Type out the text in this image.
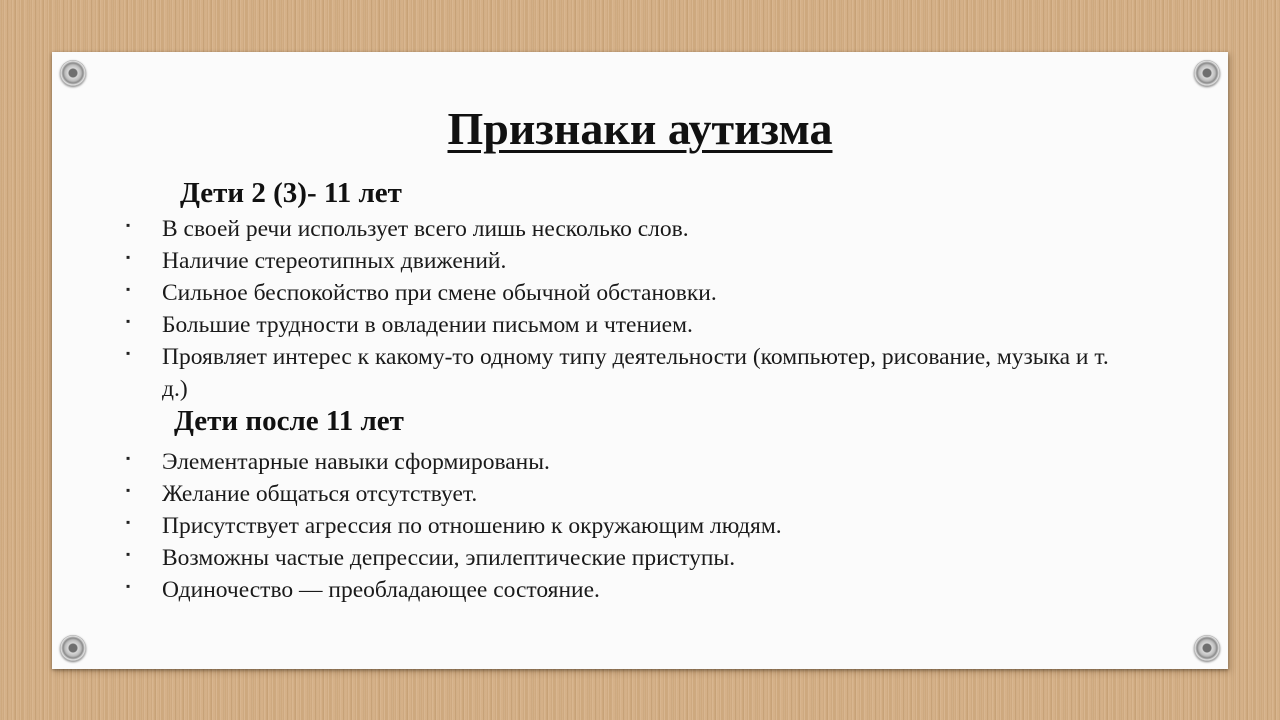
Признаки аутизма
Дети 2 (3)- 11 лет
▪ В своей речи использует всего лишь несколько слов.
▪ Наличие стереотипных движений.
▪ Сильное беспокойство при смене обычной обстановки.
▪ Большие трудности в овладении письмом и чтением.
▪ Проявляет интерес к какому-то одному типу деятельности (компьютер, рисование, музыка и т. д.)
Дети после 11 лет
▪ Элементарные навыки сформированы.
▪ Желание общаться отсутствует.
▪ Присутствует агрессия по отношению к окружающим людям.
▪ Возможны частые депрессии, эпилептические приступы.
▪ Одиночество — преобладающее состояние.
